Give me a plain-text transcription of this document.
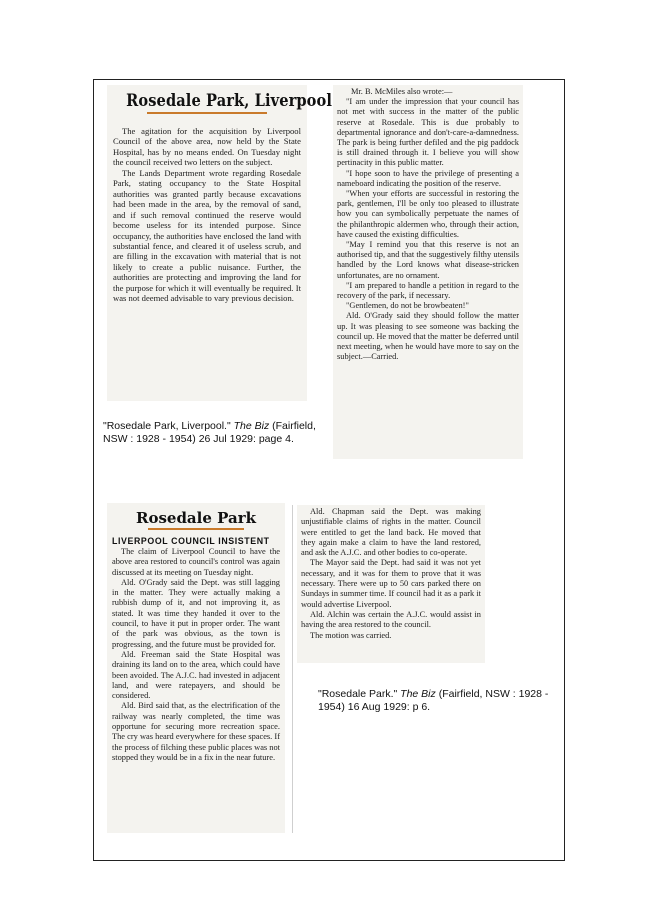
Rosedale Park, Liverpool

The agitation for the acquisition by Liverpool Council of the above area, now held by the State Hospital, has by no means ended. On Tuesday night the council received two letters on the subject.

The Lands Department wrote regarding Rosedale Park, stating occupancy to the State Hospital authorities was granted partly because excavations had been made in the area, by the removal of sand, and if such removal continued the reserve would become useless for its intended purpose. Since occupancy, the authorities have enclosed the land with substantial fence, and cleared it of useless scrub, and are filling in the excavation with material that is not likely to create a public nuisance. Further, the authorities are protecting and improving the land for the purpose for which it will eventually be required. It was not deemed advisable to vary previous decision.

Mr. B. McMiles also wrote:—

"I am under the impression that your council has not met with success in the matter of the public reserve at Rosedale. This is due probably to departmental ignorance and don't-care-a-damnedness. The park is being further defiled and the pig paddock is still drained through it. I believe you will show pertinacity in this public matter.

"I hope soon to have the privilege of presenting a nameboard indicating the position of the reserve.

"When your efforts are successful in restoring the park, gentlemen, I'll be only too pleased to illustrate how you can symbolically perpetuate the names of the philanthropic aldermen who, through their action, have caused the existing difficulties.

"May I remind you that this reserve is not an authorised tip, and that the suggestively filthy utensils handled by the Lord knows what disease-stricken unfortunates, are no ornament.

"I am prepared to handle a petition in regard to the recovery of the park, if necessary.

"Gentlemen, do not be browbeaten!"

Ald. O'Grady said they should follow the matter up. It was pleasing to see someone was backing the council up. He moved that the matter be deferred until next meeting, when he would have more to say on the subject.—Carried.

"Rosedale Park, Liverpool." The Biz (Fairfield, NSW : 1928 - 1954) 26 Jul 1929: page 4.
Rosedale Park
LIVERPOOL COUNCIL INSISTENT

The claim of Liverpool Council to have the above area restored to council's control was again discussed at its meeting on Tuesday night.

Ald. O'Grady said the Dept. was still lagging in the matter. They were actually making a rubbish dump of it, and not improving it, as stated. It was time they handed it over to the council, to have it put in proper order. The want of the park was obvious, as the town is progressing, and the future must be provided for.

Ald. Freeman said the State Hospital was draining its land on to the area, which could have been avoided. The A.J.C. had invested in adjacent land, and were ratepayers, and should be considered.

Ald. Bird said that, as the electrification of the railway was nearly completed, the time was opportune for securing more recreation space. The cry was heard everywhere for these spaces. If the process of filching these public places was not stopped they would be in a fix in the near future.

Ald. Chapman said the Dept. was making unjustifiable claims of rights in the matter. Council were entitled to get the land back. He moved that they again make a claim to have the land restored, and ask the A.J.C. and other bodies to co-operate.

The Mayor said the Dept. had said it was not yet necessary, and it was for them to prove that it was necessary. There were up to 50 cars parked there on Sundays in summer time. If council had it as a park it would advertise Liverpool.

Ald. Alchin was certain the A.J.C. would assist in having the area restored to the council.

The motion was carried.

"Rosedale Park." The Biz (Fairfield, NSW : 1928 - 1954) 16 Aug 1929: p 6.
